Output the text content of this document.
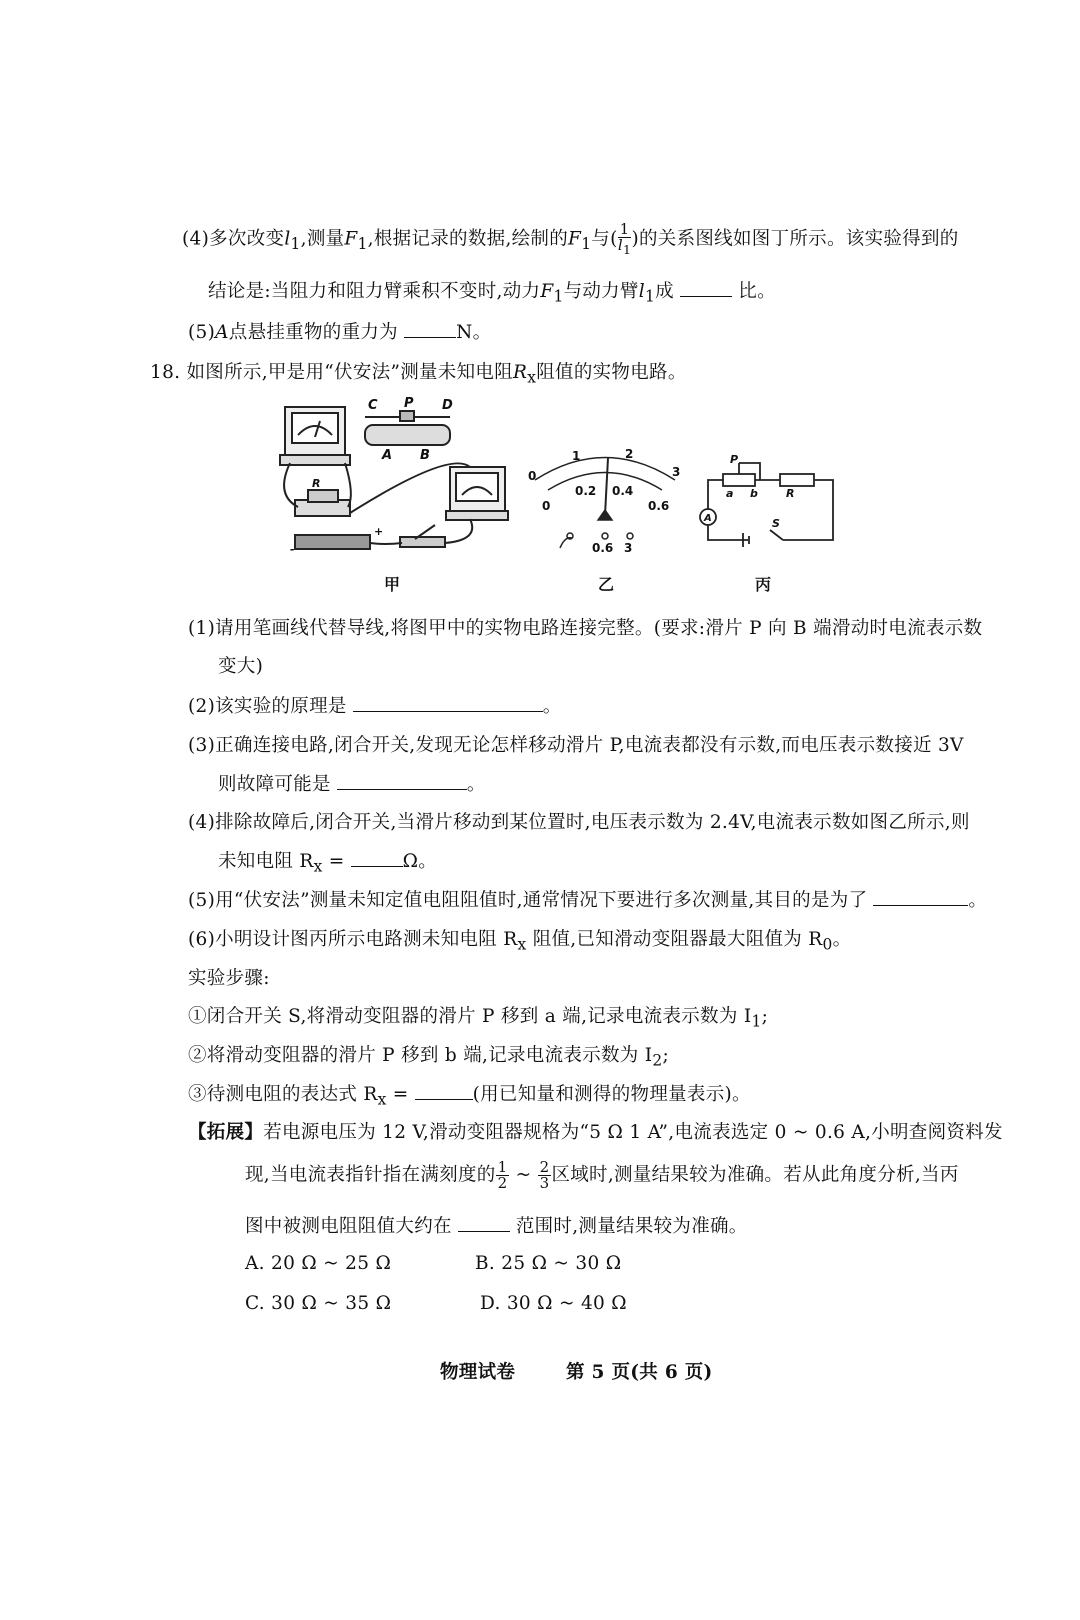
(4)多次改变$l_1$,测量$F_1$,根据记录的数据,绘制的$F_1$与( $\frac{1}{l_1}$ )的关系图线如图丁所示。该实验得到的
结论是:当阻力和阻力臂乘积不变时,动力$F_1$与动力臂$l_1$成	比。
(5)A点悬挂重物的重力为	N。
18. 如图所示,甲是用“伏安法”测量未知电阻$R_x$阻值的实物电路。
C P D
A B
R
-
+
0
1	2
3
0
0.2 0.4
0.6
0.6 3
P
a b	R
A	S
甲	乙	丙
(1)请用笔画线代替导线,将图甲中的实物电路连接完整。(要求:滑片 P 向 B 端滑动时电流表示数
变大)
(2)该实验的原理是	。
(3)正确连接电路,闭合开关,发现无论怎样移动滑片 P,电流表都没有示数,而电压表示数接近 3V
则故障可能是	。
(4)排除故障后,闭合开关,当滑片移动到某位置时,电压表示数为 2.4V,电流表示数如图乙所示,则
未知电阻 $R_x$ =	Ω。
(5)用“伏安法”测量未知定值电阻阻值时,通常情况下要进行多次测量,其目的是为了	。
(6)小明设计图丙所示电路测未知电阻 $R_x$ 阻值,已知滑动变阻器最大阻值为 $R_0$。
实验步骤:
①闭合开关 S,将滑动变阻器的滑片 P 移到 a 端,记录电流表示数为 $I_1$;
②将滑动变阻器的滑片 P 移到 b 端,记录电流表示数为 $I_2$;
③待测电阻的表达式 $R_x$ =	(用已知量和测得的物理量表示)。
【拓展】若电源电压为 12 V,滑动变阻器规格为“5 Ω 1 A”,电流表选定 0 ~ 0.6 A,小明查阅资料发
现,当电流表指针指在满刻度的 $\frac{1}{2}$ ~ $\frac{2}{3}$ 区域时,测量结果较为准确。若从此角度分析,当丙
图中被测电阻阻值大约在	范围时,测量结果较为准确。
A. 20 Ω ~ 25 Ω	B. 25 Ω ~ 30 Ω
C. 30 Ω ~ 35 Ω	D. 30 Ω ~ 40 Ω
物理试卷	第 5 页(共 6 页)
